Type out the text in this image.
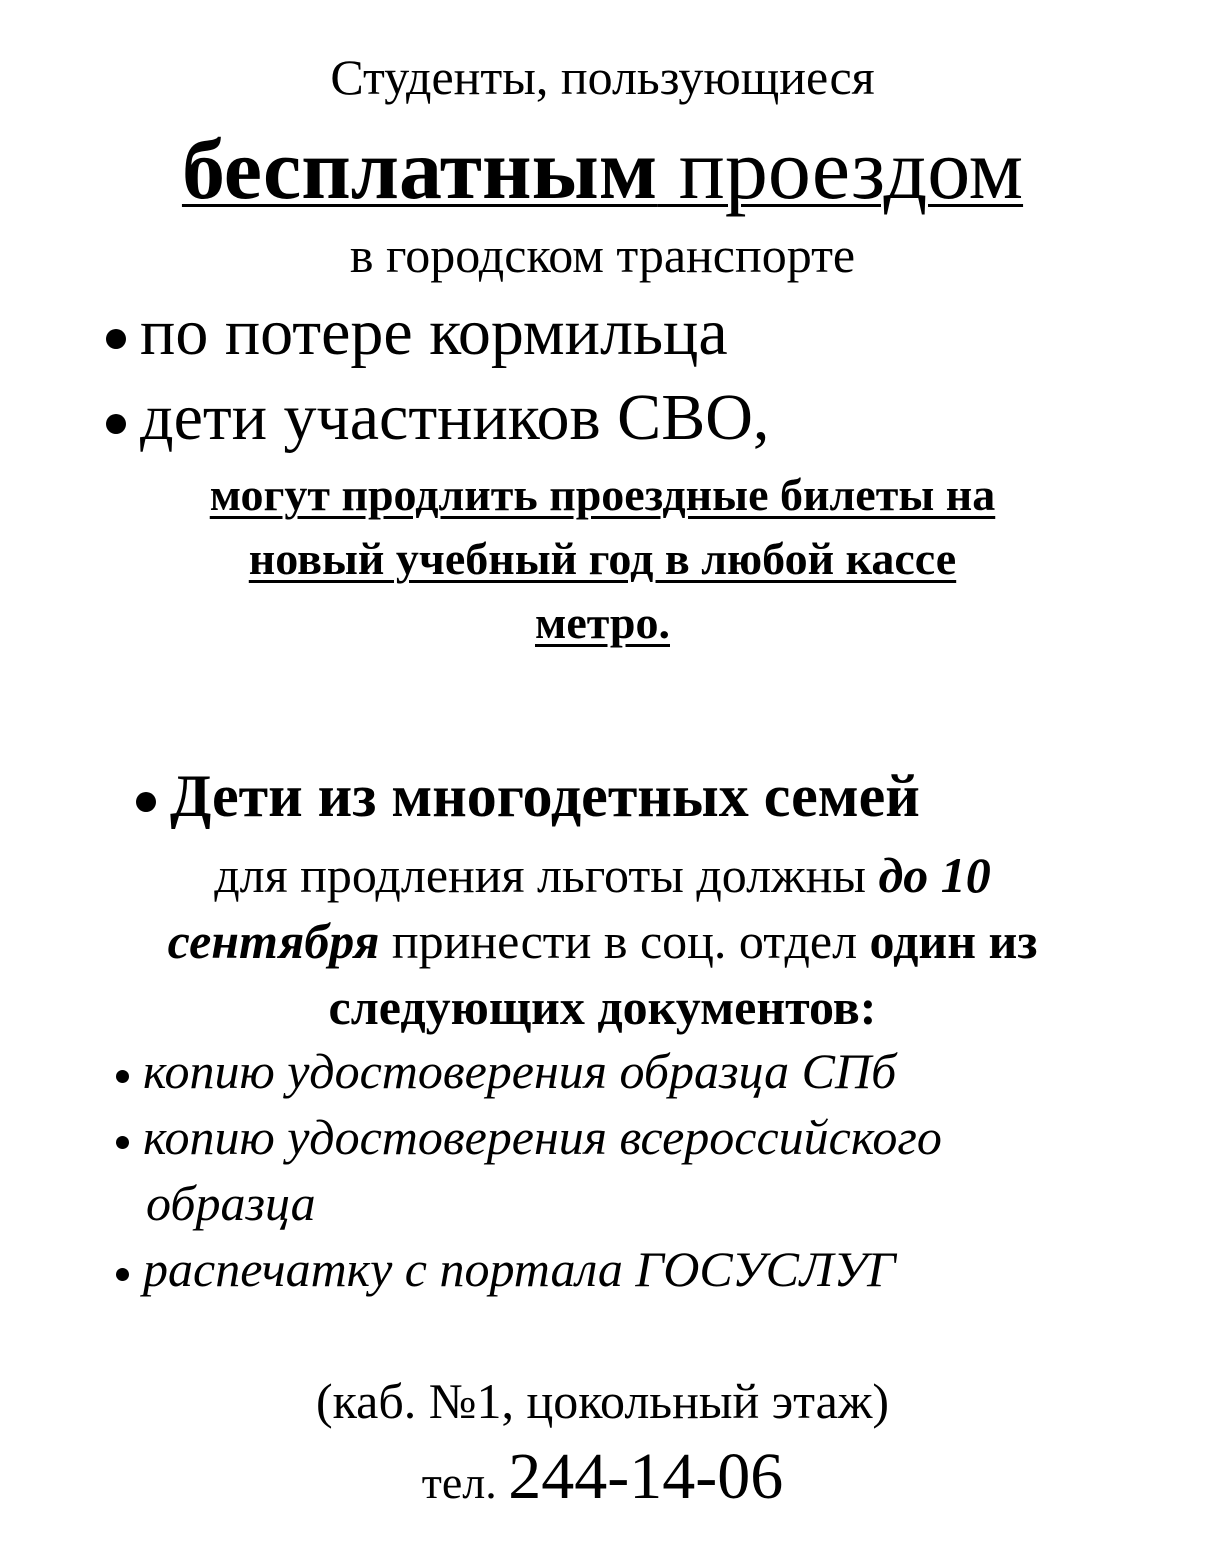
Студенты, пользующиеся
бесплатным проездом
в городском транспорте
по потере кормильца
дети участников СВО,
могут продлить проездные билеты на
новый учебный год в любой кассе
метро.
Дети из многодетных семей
для продления льготы должны до 10
сентября принести в соц. отдел один из
следующих документов:
копию удостоверения образца СПб
копию удостоверения всероссийского
образца
распечатку с портала ГОСУСЛУГ
(каб. №1, цокольный этаж)
тел. 244-14-06
